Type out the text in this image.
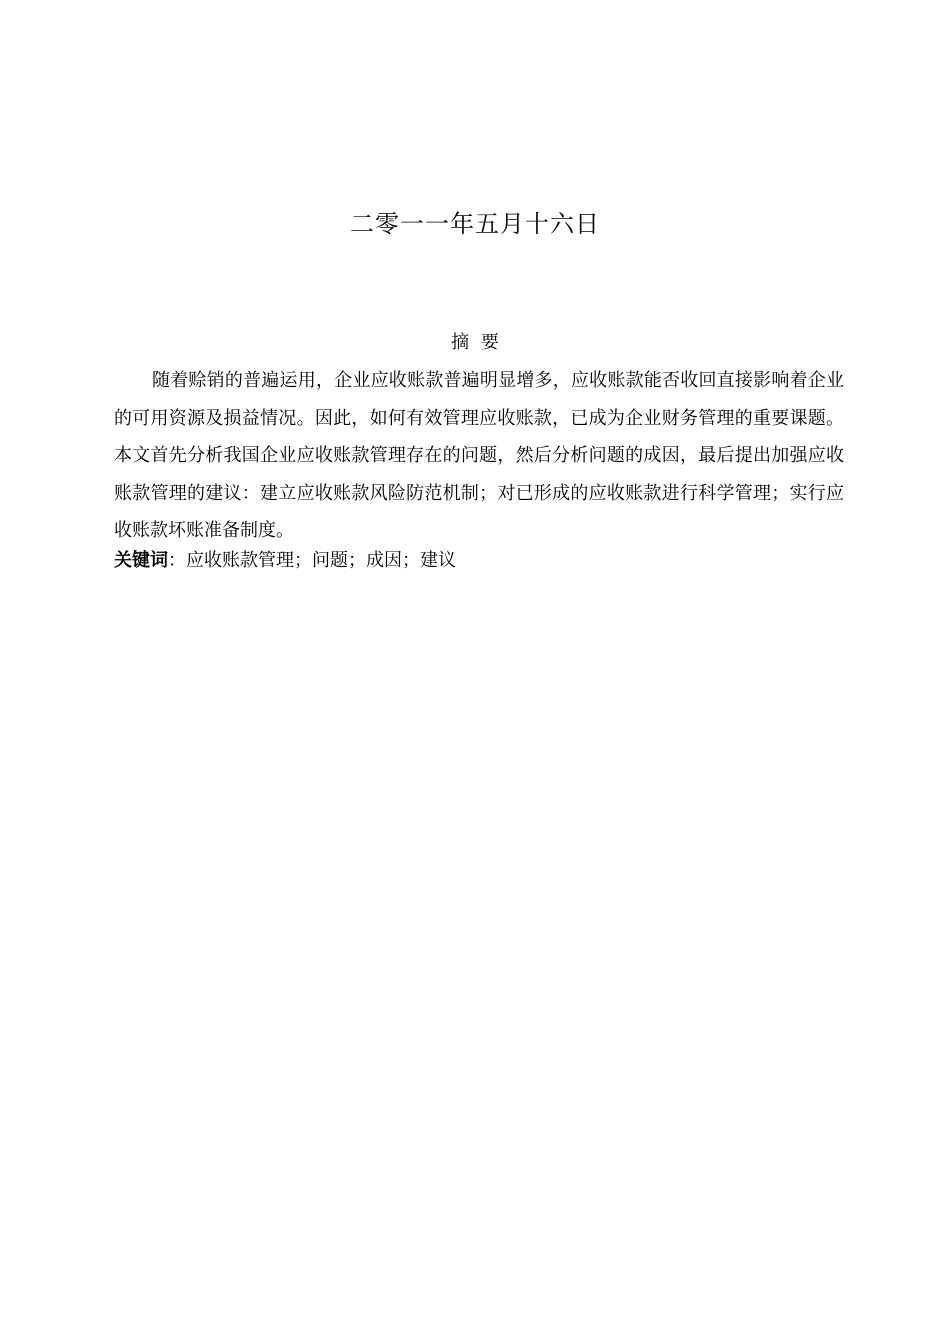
二零一一年五月十六日
摘 要

随着赊销的普遍运用，企业应收账款普遍明显增多，应收账款能否收回直接影响着企业的可用资源及损益情况。因此，如何有效管理应收账款，已成为企业财务管理的重要课题。本文首先分析我国企业应收账款管理存在的问题，然后分析问题的成因，最后提出加强应收账款管理的建议：建立应收账款风险防范机制；对已形成的应收账款进行科学管理；实行应收账款坏账准备制度。

关键词：应收账款管理；问题；成因；建议
